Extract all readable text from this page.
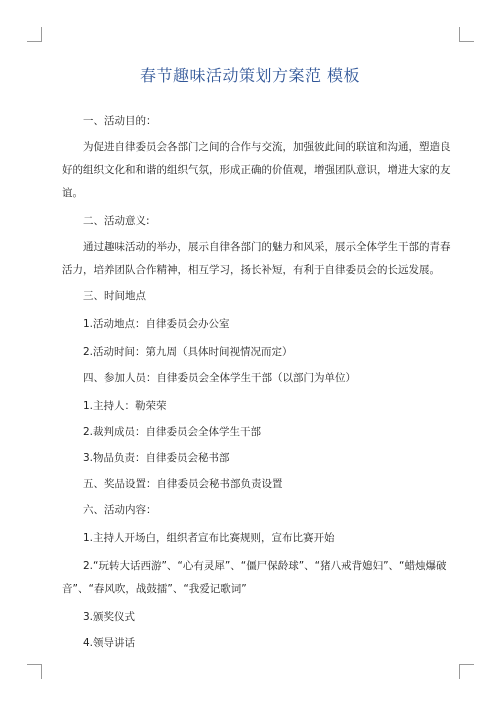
春节趣味活动策划方案范 模板
一、活动目的：
为促进自律委员会各部门之间的合作与交流，加强彼此间的联谊和沟通，塑造良
好的组织文化和和谐的组织气氛，形成正确的价值观，增强团队意识，增进大家的友
谊。
二、活动意义:
通过趣味活动的举办，展示自律各部门的魅力和风采，展示全体学生干部的青春
活力，培养团队合作精神，相互学习，扬长补短，有利于自律委员会的长远发展。
三、时间地点
1.活动地点：自律委员会办公室
2.活动时间：第九周（具体时间视情况而定）
四、参加人员：自律委员会全体学生干部（以部门为单位）
1.主持人：勒荣荣
2.裁判成员：自律委员会全体学生干部
3.物品负责：自律委员会秘书部
五、奖品设置：自律委员会秘书部负责设置
六、活动内容：
1.主持人开场白，组织者宣布比赛规则，宣布比赛开始
2.“玩转大话西游”、“心有灵犀”、“僵尸保龄球”、“猪八戒背媳妇”、“蜡烛爆破
音”、“春风吹，战鼓擂”、“我爱记歌词”
3.颁奖仪式
4.领导讲话
